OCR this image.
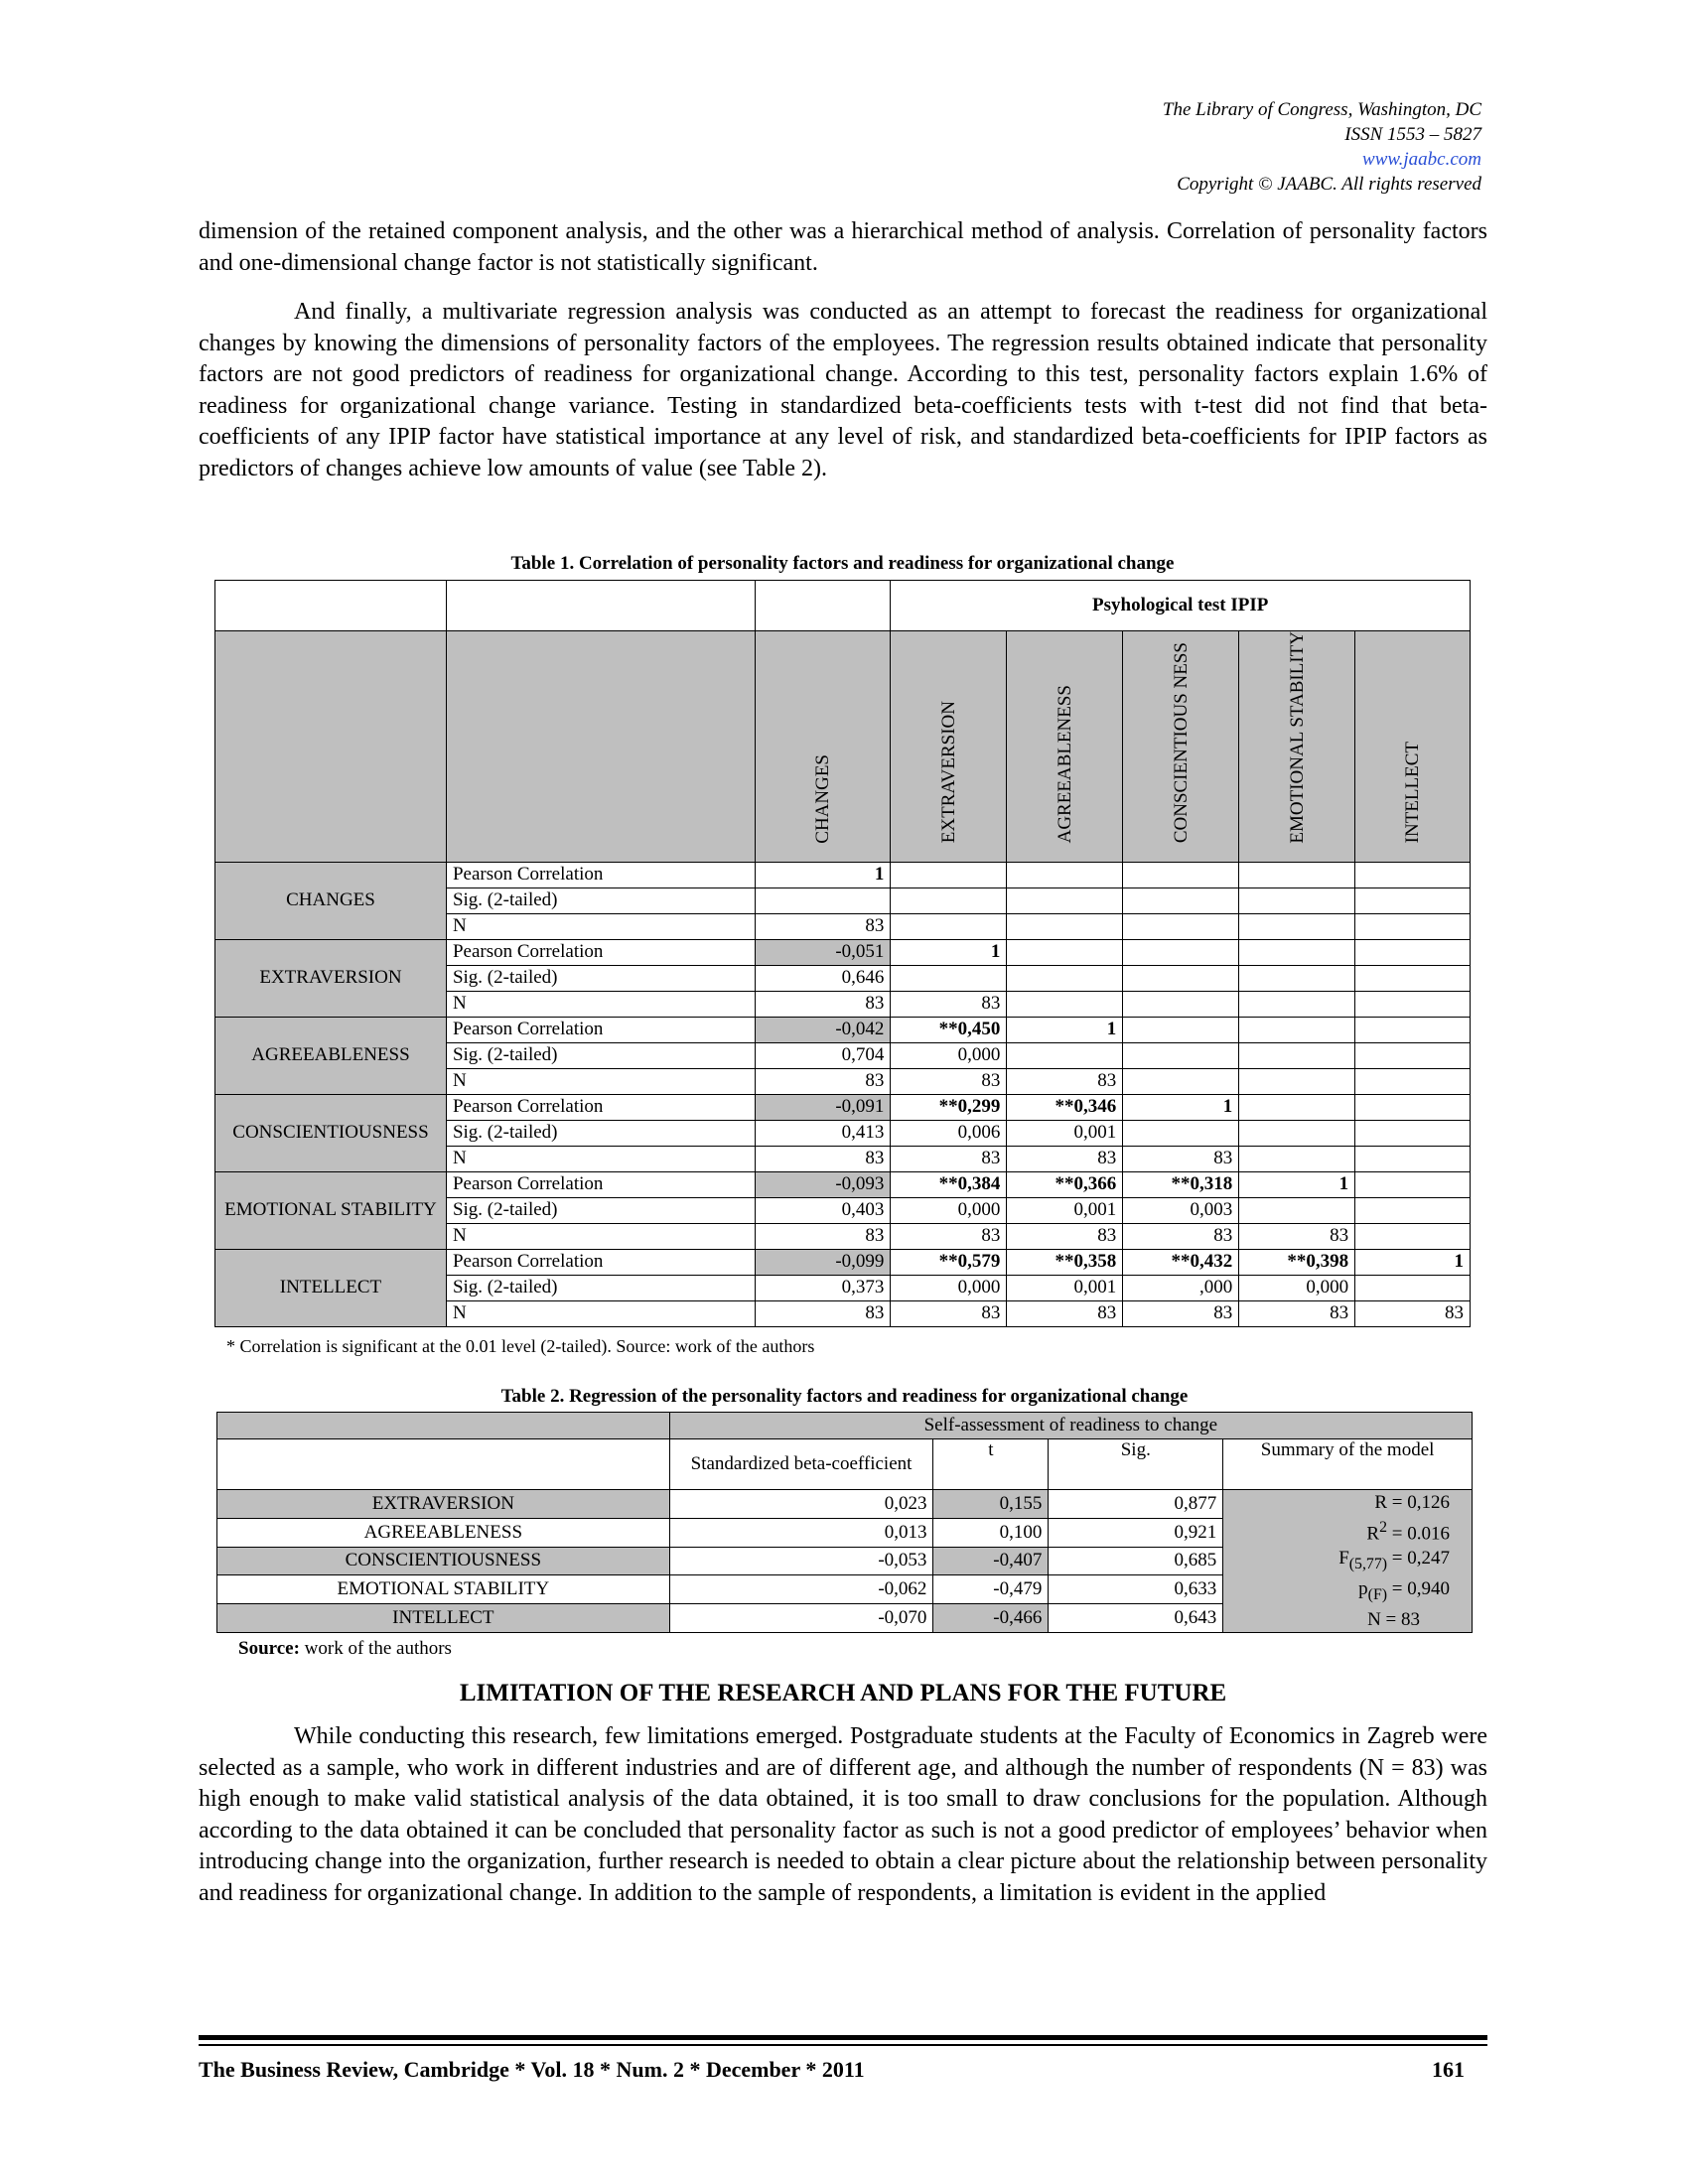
The Library of Congress, Washington, DC
ISSN 1553 – 5827
www.jaabc.com
Copyright © JAABC. All rights reserved

dimension of the retained component analysis, and the other was a hierarchical method of analysis. Correlation of personality factors and one-dimensional change factor is not statistically significant.

And finally, a multivariate regression analysis was conducted as an attempt to forecast the readiness for organizational changes by knowing the dimensions of personality factors of the employees. The regression results obtained indicate that personality factors are not good predictors of readiness for organizational change. According to this test, personality factors explain 1.6% of readiness for organizational change variance. Testing in standardized beta-coefficients tests with t-test did not find that beta-coefficients of any IPIP factor have statistical importance at any level of risk, and standardized beta-coefficients for IPIP factors as predictors of changes achieve low amounts of value (see Table 2).

Table 1. Correlation of personality factors and readiness for organizational change
			Psyhological test IPIP				
		CHANGES	EXTRAVERSION	AGREEABLENESS	CONSCIENTIOUS NESS	EMOTIONAL STABILITY	INTELLECT
CHANGES	Pearson Correlation	1					
	Sig. (2-tailed)						
	N	83					
EXTRAVERSION	Pearson Correlation	-0,051	1				
	Sig. (2-tailed)	0,646					
	N	83	83				
AGREEABLENESS	Pearson Correlation	-0,042	**0,450	1			
	Sig. (2-tailed)	0,704	0,000				
	N	83	83	83			
CONSCIENTIOUSNESS	Pearson Correlation	-0,091	**0,299	**0,346	1		
	Sig. (2-tailed)	0,413	0,006	0,001			
	N	83	83	83	83		
EMOTIONAL STABILITY	Pearson Correlation	-0,093	**0,384	**0,366	**0,318	1	
	Sig. (2-tailed)	0,403	0,000	0,001	0,003		
	N	83	83	83	83	83	
INTELLECT	Pearson Correlation	-0,099	**0,579	**0,358	**0,432	**0,398	1
	Sig. (2-tailed)	0,373	0,000	0,001	,000	0,000	
	N	83	83	83	83	83	83
* Correlation is significant at the 0.01 level (2-tailed). Source: work of the authors
Table 2. Regression of the personality factors and readiness for organizational change
	Self-assessment of readiness to change			
	Standardized beta-coefficient	t	Sig.	Summary of the model
EXTRAVERSION	0,023	0,155	0,877	R = 0,126
$R^2 = 0.016$
$F_{(5,77)} = 0,247$
$p_{(F)} = 0,940$
N = 83

AGREEABLENESS	0,013	0,100	0,921	
CONSCIENTIOUSNESS	-0,053	-0,407	0,685	
EMOTIONAL STABILITY	-0,062	-0,479	0,633	
INTELLECT	-0,070	-0,466	0,643	
Source: work of the authors
LIMITATION OF THE RESEARCH AND PLANS FOR THE FUTURE

While conducting this research, few limitations emerged. Postgraduate students at the Faculty of Economics in Zagreb were selected as a sample, who work in different industries and are of different age, and although the number of respondents (N = 83) was high enough to make valid statistical analysis of the data obtained, it is too small to draw conclusions for the population. Although according to the data obtained it can be concluded that personality factor as such is not a good predictor of employees’ behavior when introducing change into the organization, further research is needed to obtain a clear picture about the relationship between personality and readiness for organizational change. In addition to the sample of respondents, a limitation is evident in the applied

The Business Review, Cambridge * Vol. 18 * Num. 2 * December * 2011	161
